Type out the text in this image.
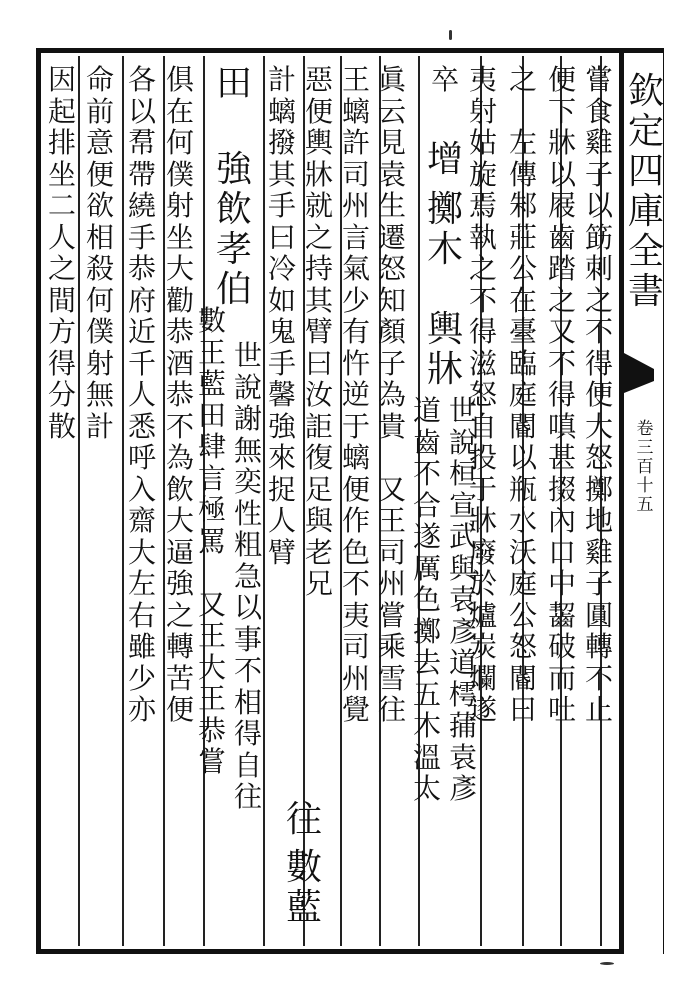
欽
定
四
庫
全
書
卷
三
百
十
五
嘗
食
雞
子
以
筯
刺
之
不
得
便
大
怒
擲
地
雞
子
圓
轉
不
止
便
下
牀
以
屐
齒
踏
之
又
不
得
嗔
甚
掇
內
口
中
齧
破
而
吐
之

左
傳
邾
莊
公
在
臺
臨
庭
閽
以
瓶
水
沃
庭
公
怒
閽
曰
夷
射
姑
旋
焉
執
之
不
得
滋
怒
自
投
于
牀
廢
於
爐
炭
爛
遂
卒
增
擲
木
輿
牀
世
說
桓
宣
武
與
袁
彥
道
樗
蒱
袁
彥
道
齒
不
合
遂
厲
色
擲
去
五
木
溫
太
眞
云
見
袁
生
遷
怒
知
顏
子
為
貴

又
王
司
州
嘗
乘
雪
往
王
螭
許
司
州
言
氣
少
有
忤
逆
于
螭
便
作
色
不
夷
司
州
覺
惡
便
輿
牀
就
之
持
其
臂
曰
汝
詎
復
足
與
老
兄
往
計
螭
撥
其
手
曰
冷
如
鬼
手
馨
強
來
捉
人
臂
數
藍
田
強
飲
孝
伯
世
說
謝
無
奕
性
粗
急
以
事
不
相
得
自
往
數
王
藍
田
肆
言
極
罵

又
王
大
王
恭
嘗
俱
在
何
僕
射
坐
大
勸
恭
酒
恭
不
為
飲
大
逼
強
之
轉
苦
便
各
以
帬
帶
繞
手
恭
府
近
千
人
悉
呼
入
齋
大
左
右
雖
少
亦
命
前
意
便
欲
相
殺
何
僕
射
無
計
因
起
排
坐
二
人
之
間
方
得
分
散
